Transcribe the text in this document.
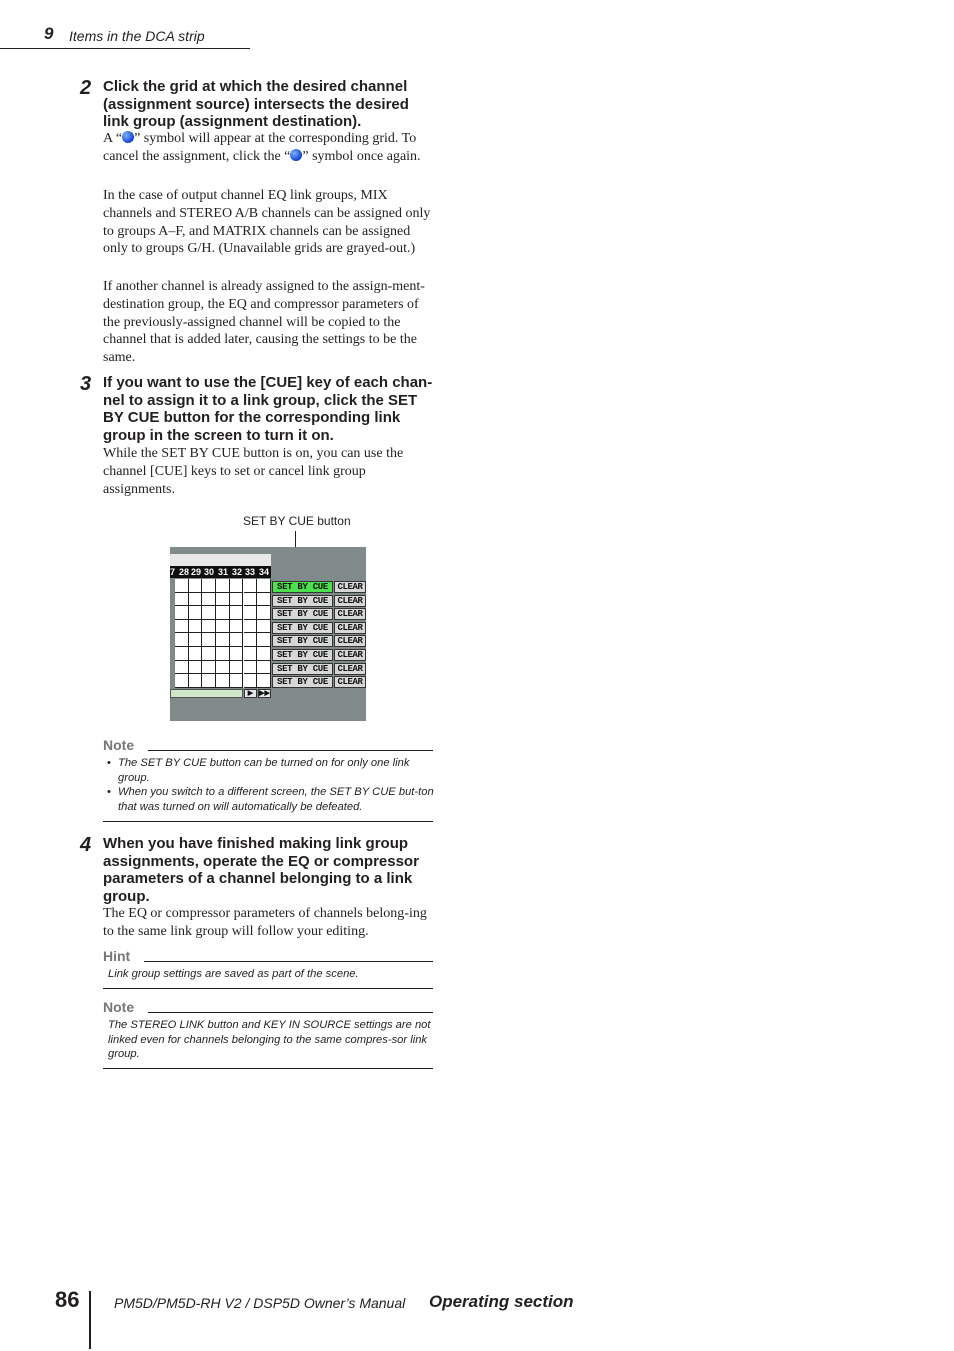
9 Items in the DCA strip
2 Click the grid at which the desired channel (assignment source) intersects the desired link group (assignment destination).

A “ ” symbol will appear at the corresponding grid. To cancel the assignment, click the “ ” symbol once again.

In the case of output channel EQ link groups, MIX channels and STEREO A/B channels can be assigned only to groups A–F, and MATRIX channels can be assigned only to groups G/H. (Unavailable grids are grayed-out.)

If another channel is already assigned to the assign-ment-destination group, the EQ and compressor parameters of the previously-assigned channel will be copied to the channel that is added later, causing the settings to be the same.

3 If you want to use the [CUE] key of each chan-nel to assign it to a link group, click the SET BY CUE button for the corresponding link group in the screen to turn it on.

While the SET BY CUE button is on, you can use the channel [CUE] keys to set or cancel link group assignments.

SET BY CUE button
▶ ▶▶
7 28 29 30 31 32 33 34
SET BY CUE	CLEAR
SET BY CUE	CLEAR
SET BY CUE	CLEAR
SET BY CUE	CLEAR
SET BY CUE	CLEAR
SET BY CUE	CLEAR
SET BY CUE	CLEAR
SET BY CUE	CLEAR
Note

• The SET BY CUE button can be turned on for only one link group.

• When you switch to a different screen, the SET BY CUE but-ton that was turned on will automatically be defeated.

4 When you have finished making link group assignments, operate the EQ or compressor parameters of a channel belonging to a link group.

The EQ or compressor parameters of channels belong-ing to the same link group will follow your editing.

Hint

Link group settings are saved as part of the scene.

Note

The STEREO LINK button and KEY IN SOURCE settings are not linked even for channels belonging to the same compres-sor link group.

86 PM5D/PM5D-RH V2 / DSP5D Owner’s Manual Operating section
